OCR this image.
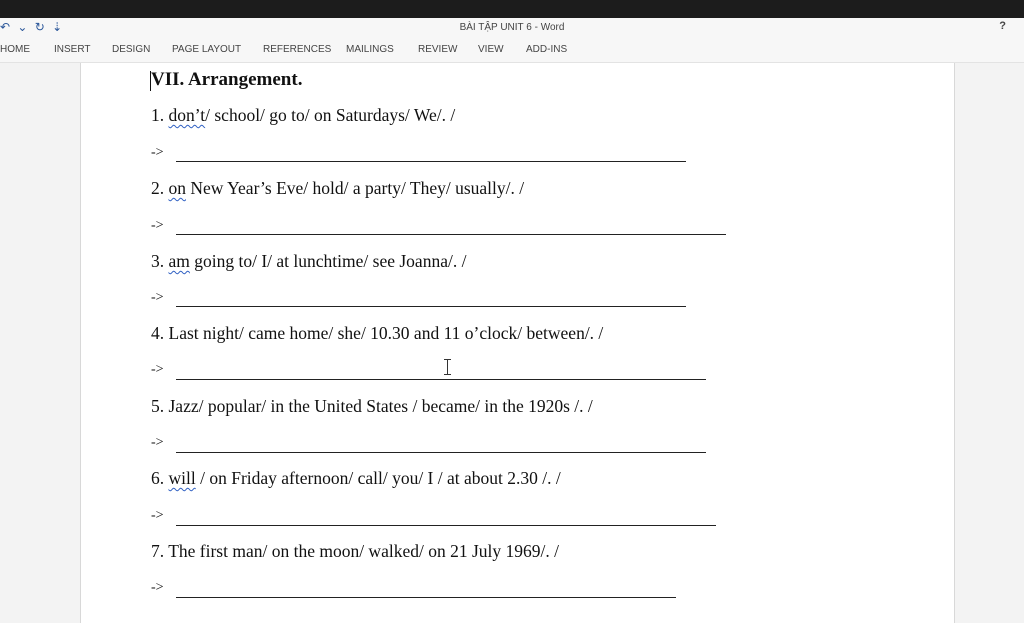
↶ ⌄ ↻ ⇣	BÀI TẬP UNIT 6 - Word	?
HOME INSERT DESIGN PAGE LAYOUT REFERENCES MAILINGS REVIEW VIEW ADD-INS
VII. Arrangement.
1. don’t/ school/ go to/ on Saturdays/ We/. /
->
2. on New Year’s Eve/ hold/ a party/ They/ usually/. /
->
3. am going to/ I/ at lunchtime/ see Joanna/. /
->
4. Last night/ came home/ she/ 10.30 and 11 o’clock/ between/. /
->
5. Jazz/ popular/ in the United States / became/ in the 1920s /. /
->
6. will / on Friday afternoon/ call/ you/ I / at about 2.30 /. /
->
7. The first man/ on the moon/ walked/ on 21 July 1969/. /
->
